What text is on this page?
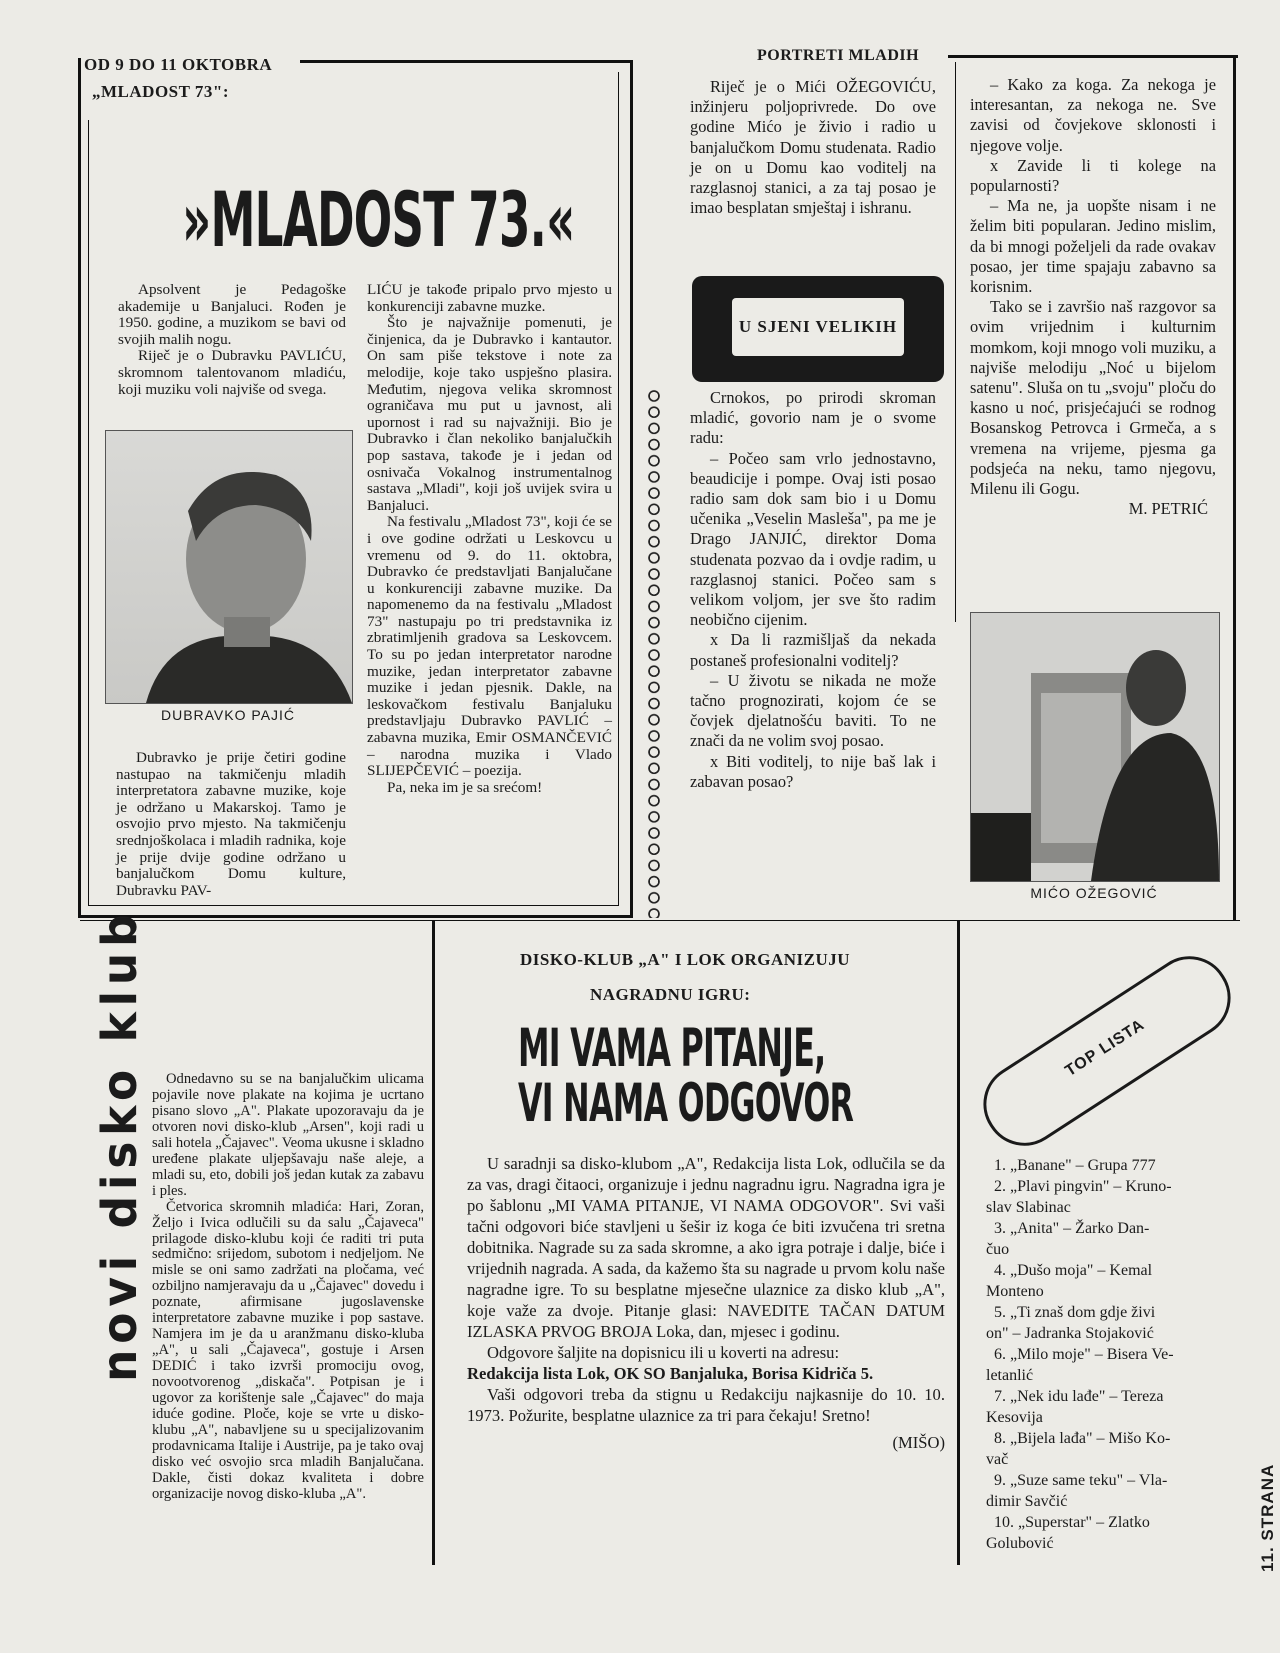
OD 9 DO 11 OKTOBRA
„MLADOST 73":
»MLADOST 73.«

Apsolvent je Pedagoške akademije u Banjaluci. Rođen je 1950. godine, a muzikom se bavi od svojih malih nogu.

Riječ je o Dubravku PAVLIĆU, skromnom talentovanom mladiću, koji muziku voli najviše od svega.

DUBRAVKO PAJIĆ

Dubravko je prije četiri godine nastupao na takmičenju mladih interpretatora zabavne muzike, koje je održano u Makarskoj. Tamo je osvojio prvo mjesto. Na takmičenju srednjoškolaca i mladih radnika, koje je prije dvije godine održano u banjalučkom Domu kulture, Dubravku PAV-

LIĆU je takođe pripalo prvo mjesto u konkurenciji zabavne muzke.

Što je najvažnije pomenuti, je činjenica, da je Dubravko i kantautor. On sam piše tekstove i note za melodije, koje tako uspješno plasira. Međutim, njegova velika skromnost ograničava mu put u javnost, ali upornost i rad su najvažniji. Bio je Dubravko i član nekoliko banjalučkih pop sastava, takođe je i jedan od osnivača Vokalnog instrumentalnog sastava „Mladi", koji još uvijek svira u Banjaluci.

Na festivalu „Mladost 73", koji će se i ove godine održati u Leskovcu u vremenu od 9. do 11. oktobra, Dubravko će predstavljati Banjalučane u konkurenciji zabavne muzike. Da napomenemo da na festivalu „Mladost 73" nastupaju po tri predstavnika iz zbratimljenih gradova sa Leskovcem. To su po jedan interpretator narodne muzike, jedan interpretator zabavne muzike i jedan pjesnik. Dakle, na leskovačkom festivalu Banjaluku predstavljaju Dubravko PAVLIĆ – zabavna muzika, Emir OSMANČEVIĆ – narodna muzika i Vlado SLIJEPČEVIĆ – poezija.

Pa, neka im je sa srećom!

PORTRETI MLADIH

Riječ je o Mići OŽEGOVIĆU, inžinjeru poljoprivrede. Do ove godine Mićo je živio i radio u banjalučkom Domu studenata. Radio je on u Domu kao voditelj na razglasnoj stanici, a za taj posao je imao besplatan smještaj i ishranu.

U SJENI VELIKIH

Crnokos, po prirodi skroman mladić, govorio nam je o svome radu:

– Počeo sam vrlo jednostavno, beaudicije i pompe. Ovaj isti posao radio sam dok sam bio i u Domu učenika „Veselin Masleša", pa me je Drago JANJIĆ, direktor Doma studenata pozvao da i ovdje radim, u razglasnoj stanici. Počeo sam s velikom voljom, jer sve što radim neobično cijenim.

x Da li razmišljaš da nekada postaneš profesionalni voditelj?

– U životu se nikada ne može tačno prognozirati, kojom će se čovjek djelatnošću baviti. To ne znači da ne volim svoj posao.

x Biti voditelj, to nije baš lak i zabavan posao?

– Kako za koga. Za nekoga je interesantan, za nekoga ne. Sve zavisi od čovjekove sklonosti i njegove volje.

x Zavide li ti kolege na popularnosti?

– Ma ne, ja uopšte nisam i ne želim biti popularan. Jedino mislim, da bi mnogi poželjeli da rade ovakav posao, jer time spajaju zabavno sa korisnim.

Tako se i završio naš razgovor sa ovim vrijednim i kulturnim momkom, koji mnogo voli muziku, a najviše melodiju „Noć u bijelom satenu". Sluša on tu „svoju" ploču do kasno u noć, prisjećajući se rodnog Bosanskog Petrovca i Grmeča, a s vremena na vrijeme, pjesma ga podsjeća na neku, tamo njegovu, Milenu ili Gogu.

M. PETRIĆ

MIĆO OŽEGOVIĆ
novi disko klub	Odnedavno su se na banjalučkim ulicama pojavile nove plakate na kojima je ucrtano pisano slovo „A". Plakate upozoravaju da je otvoren novi disko-klub „Arsen", koji radi u sali hotela „Čajavec". Veoma ukusne i skladno uređene plakate uljepšavaju naše aleje, a mladi su, eto, dobili još jedan kutak za zabavu i ples.

Četvorica skromnih mladića: Hari, Zoran, Željo i Ivica odlučili su da salu „Čajaveca" prilagode disko-klubu koji će raditi tri puta sedmično: srijedom, subotom i nedjeljom. Ne misle se oni samo zadržati na pločama, već ozbiljno namjeravaju da u „Čajavec" dovedu i poznate, afirmisane jugoslavenske interpretatore zabavne muzike i pop sastave. Namjera im je da u aranžmanu disko-kluba „A", u sali „Čajaveca", gostuje i Arsen DEDIĆ i tako izvrši promociju ovog, novootvorenog „diskača". Potpisan je i ugovor za korištenje sale „Čajavec" do maja iduće godine. Ploče, koje se vrte u disko-klubu „A", nabavljene su u specijalizovanim prodavnicama Italije i Austrije, pa je tako ovaj disko već osvojio srca mladih Banjalučana. Dakle, čisti dokaz kvaliteta i dobre organizacije novog disko-kluba „A".

DISKO-KLUB „A" I LOK ORGANIZUJU
NAGRADNU IGRU:
MI VAMA PITANJE,
VI NAMA ODGOVOR

U saradnji sa disko-klubom „A", Redakcija lista Lok, odlučila se da za vas, dragi čitaoci, organizuje i jednu nagradnu igru. Nagradna igra je po šablonu „MI VAMA PITANJE, VI NAMA ODGOVOR". Svi vaši tačni odgovori biće stavljeni u šešir iz koga će biti izvučena tri sretna dobitnika. Nagrade su za sada skromne, a ako igra potraje i dalje, biće i vrijednih nagrada. A sada, da kažemo šta su nagrade u prvom kolu naše nagradne igre. To su besplatne mjesečne ulaznice za disko klub „A", koje važe za dvoje. Pitanje glasi: NAVEDITE TAČAN DATUM IZLASKA PRVOG BROJA Loka, dan, mjesec i godinu.

Odgovore šaljite na dopisnicu ili u koverti na adresu:

Redakcija lista Lok, OK SO Banjaluka, Borisa Kidriča 5.

Vaši odgovori treba da stignu u Redakciju najkasnije do 10. 10. 1973. Požurite, besplatne ulaznice za tri para čekaju! Sretno!

(MIŠO)

TOP LISTA
1. „Banane" – Grupa 777
2. „Plavi pingvin" – Kruno-
slav Slabinac
3. „Anita" – Žarko Dan-
čuo
4. „Dušo moja" – Kemal
Monteno
5. „Ti znaš dom gdje živi
on" – Jadranka Stojaković
6. „Milo moje" – Bisera Ve-
letanlić
7. „Nek idu lađe" – Tereza
Kesovija
8. „Bijela lađa" – Mišo Ko-
vač
9. „Suze same teku" – Vla-
dimir Savčić
10. „Superstar" – Zlatko
Golubović	11. STRANA
